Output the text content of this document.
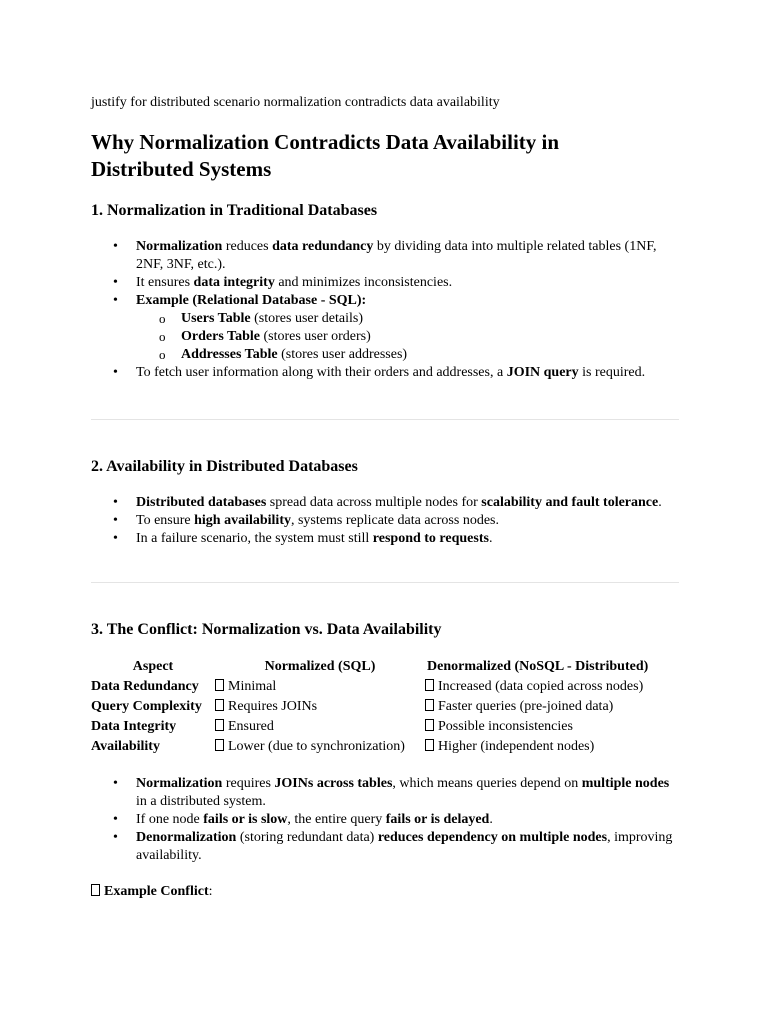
justify for distributed scenario normalization contradicts data availability
Why Normalization Contradicts Data Availability in Distributed Systems
1. Normalization in Traditional Databases
• Normalization reduces data redundancy by dividing data into multiple related tables (1NF, 2NF, 3NF, etc.).
• It ensures data integrity and minimizes inconsistencies.
• Example (Relational Database - SQL):
o Users Table (stores user details)
o Orders Table (stores user orders)
o Addresses Table (stores user addresses)
• To fetch user information along with their orders and addresses, a JOIN query is required.
2. Availability in Distributed Databases
• Distributed databases spread data across multiple nodes for scalability and fault tolerance.
• To ensure high availability, systems replicate data across nodes.
• In a failure scenario, the system must still respond to requests.
3. The Conflict: Normalization vs. Data Availability
Aspect	Normalized (SQL)	Denormalized (NoSQL - Distributed)
Data Redundancy	Minimal	Increased (data copied across nodes)
Query Complexity	Requires JOINs	Faster queries (pre-joined data)
Data Integrity	Ensured	Possible inconsistencies
Availability	Lower (due to synchronization)	Higher (independent nodes)
• Normalization requires JOINs across tables, which means queries depend on multiple nodes in a distributed system.
• If one node fails or is slow, the entire query fails or is delayed.
• Denormalization (storing redundant data) reduces dependency on multiple nodes, improving availability.
Example Conflict:
